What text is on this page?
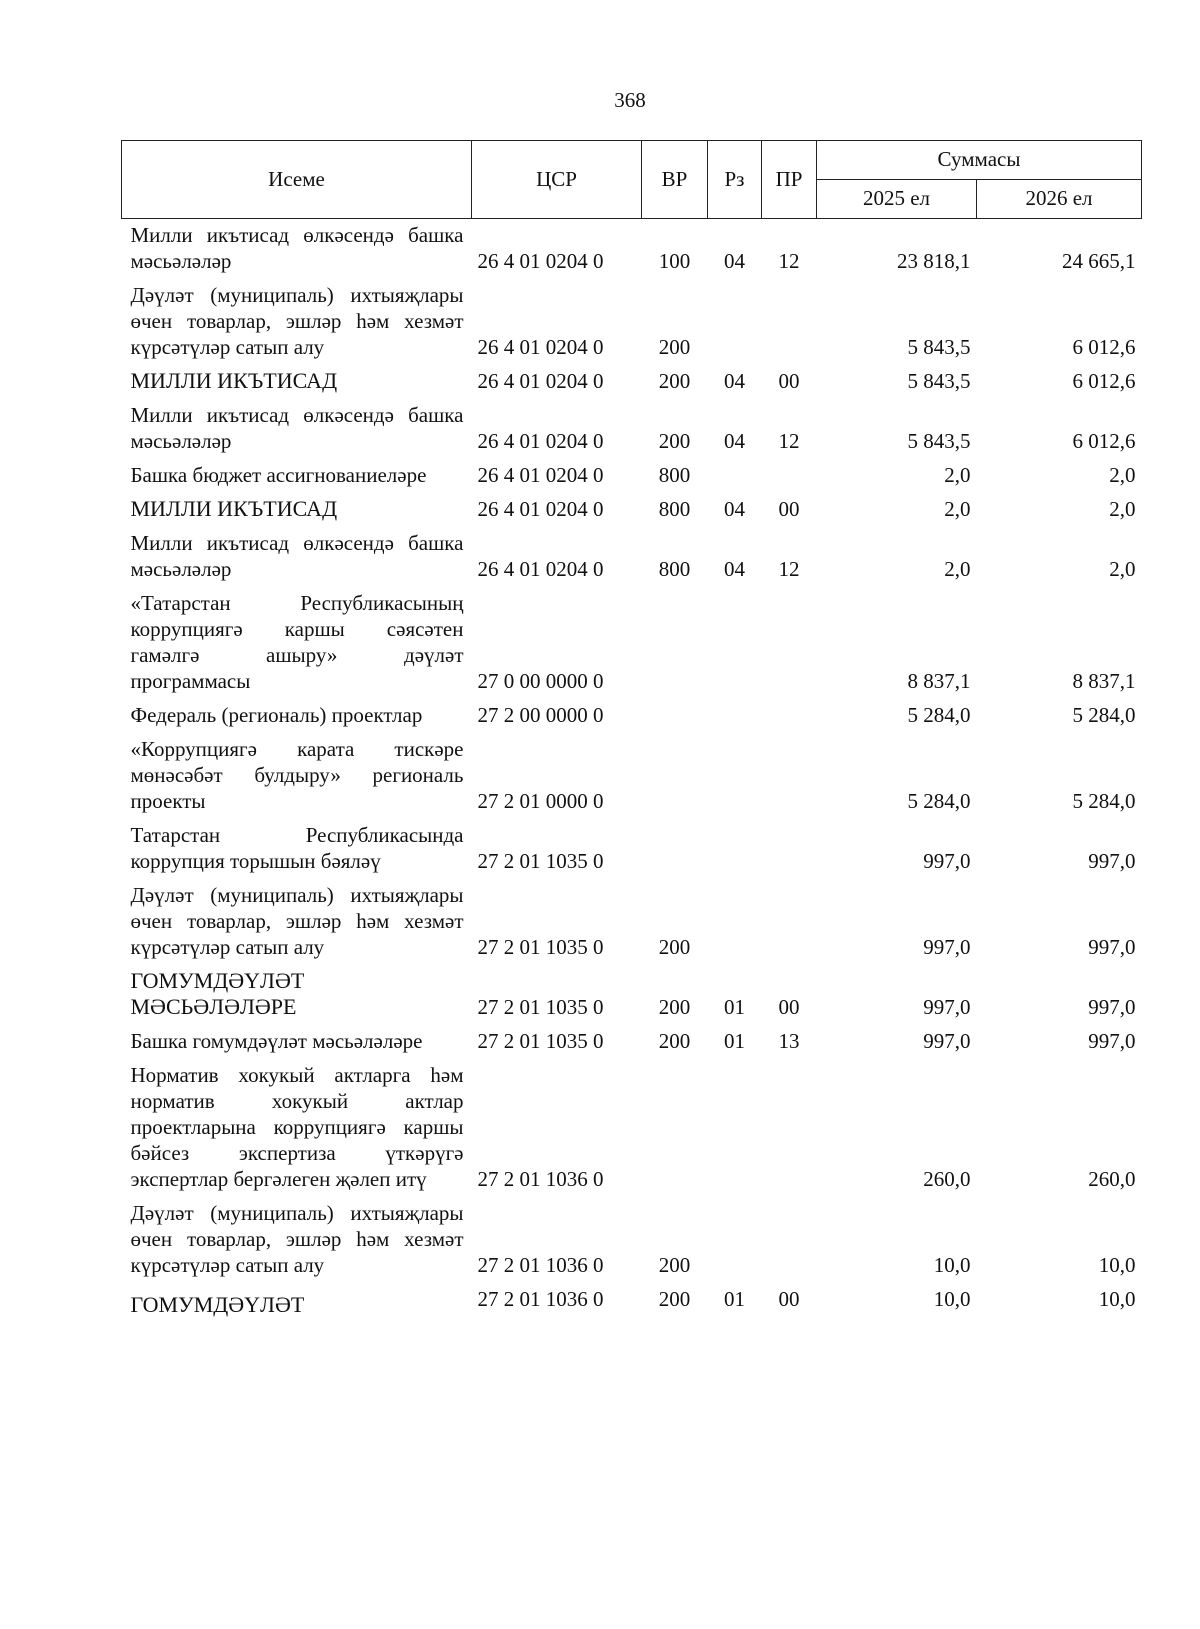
368
Исеме	ЦСР	ВР	Рз	ПР	Суммасы	
					2025 ел	2026 ел
Милли икътисад өлкәсендә башка мәсьәләләр	26 4 01 0204 0	100	04	12	23 818,1	24 665,1
Дәүләт (муниципаль) ихтыяҗлары өчен товарлар, эшләр һәм хезмәт күрсәтүләр сатып алу	26 4 01 0204 0	200			5 843,5	6 012,6
МИЛЛИ ИКЪТИСАД	26 4 01 0204 0	200	04	00	5 843,5	6 012,6
Милли икътисад өлкәсендә башка мәсьәләләр	26 4 01 0204 0	200	04	12	5 843,5	6 012,6
Башка бюджет ассигнованиеләре	26 4 01 0204 0	800			2,0	2,0
МИЛЛИ ИКЪТИСАД	26 4 01 0204 0	800	04	00	2,0	2,0
Милли икътисад өлкәсендә башка мәсьәләләр	26 4 01 0204 0	800	04	12	2,0	2,0
«Татарстан Республикасының коррупциягә каршы сәясәтен гамәлгә ашыру» дәүләт программасы	27 0 00 0000 0				8 837,1	8 837,1
Федераль (региональ) проектлар	27 2 00 0000 0				5 284,0	5 284,0
«Коррупциягә карата тискәре мөнәсәбәт булдыру» региональ проекты	27 2 01 0000 0				5 284,0	5 284,0
Татарстан Республикасында коррупция торышын бәяләү	27 2 01 1035 0				997,0	997,0
Дәүләт (муниципаль) ихтыяҗлары өчен товарлар, эшләр һәм хезмәт күрсәтүләр сатып алу	27 2 01 1035 0	200			997,0	997,0
ГОМУМДӘҮЛӘТ МӘСЬӘЛӘЛӘРЕ	27 2 01 1035 0	200	01	00	997,0	997,0
Башка гомумдәүләт мәсьәләләре	27 2 01 1035 0	200	01	13	997,0	997,0
Норматив хокукый актларга һәм норматив хокукый актлар проектларына коррупциягә каршы бәйсез экспертиза үткәрүгә экспертлар бергәлеген җәлеп итү	27 2 01 1036 0				260,0	260,0
Дәүләт (муниципаль) ихтыяҗлары өчен товарлар, эшләр һәм хезмәт күрсәтүләр сатып алу	27 2 01 1036 0	200			10,0	10,0
ГОМУМДӘҮЛӘТ	27 2 01 1036 0	200	01	00	10,0	10,0
